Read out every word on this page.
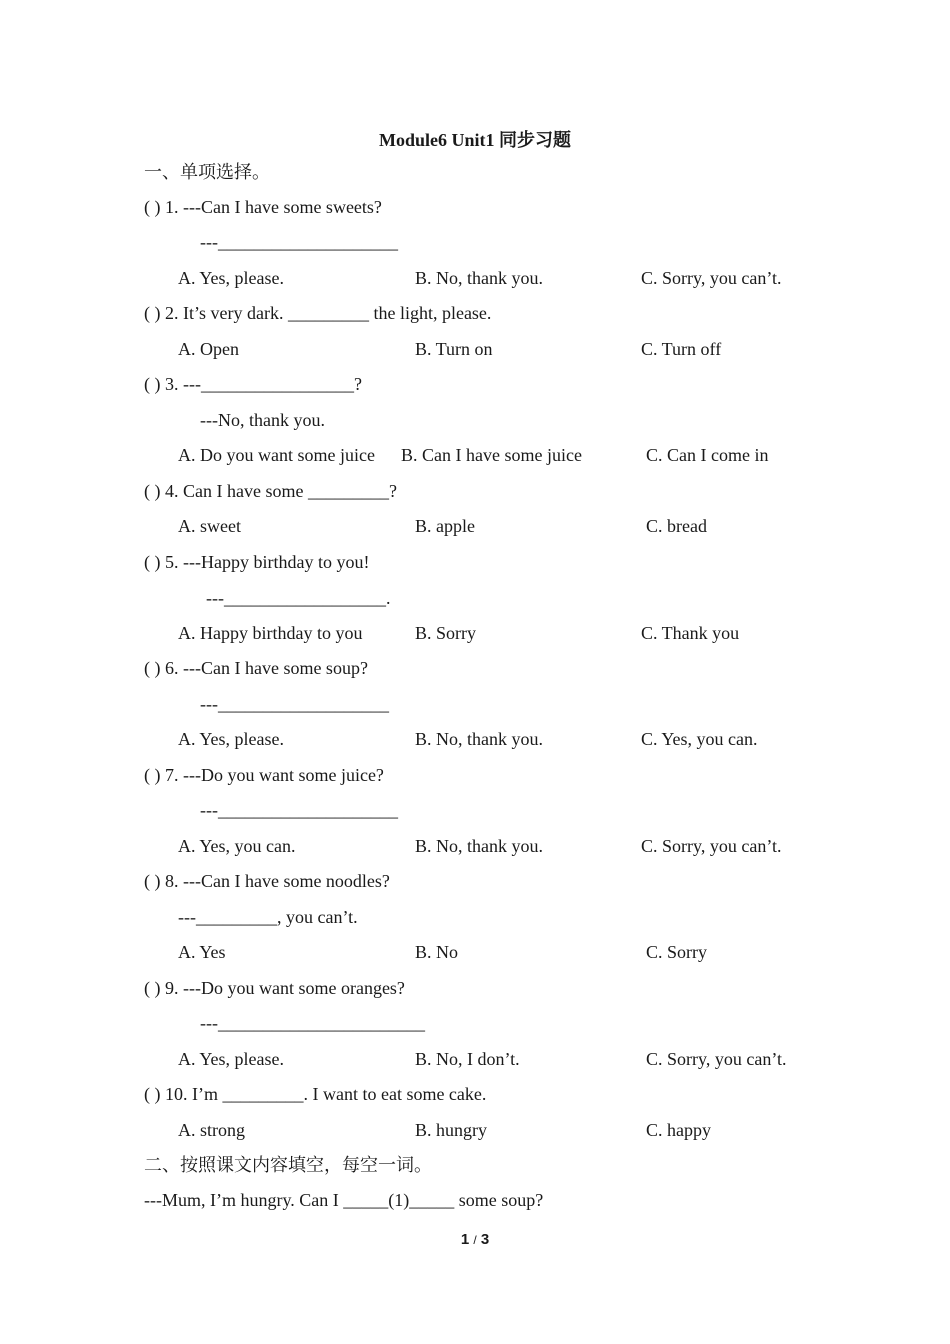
Module6 Unit1 同步习题
一、单项选择。
( ) 1. ---Can I have some sweets?
---____________________
A. Yes, please.	B. No, thank you.	C. Sorry, you can’t.
( ) 2. It’s very dark. _________ the light, please.
A. Open	B. Turn on	C. Turn off
( ) 3. ---_________________?
---No, thank you.
A. Do you want some juice B. Can I have some juice	C. Can I come in
( ) 4. Can I have some _________?
A. sweet	B. apple	C. bread
( ) 5. ---Happy birthday to you!
---__________________.
A. Happy birthday to you	B. Sorry	C. Thank you
( ) 6. ---Can I have some soup?
---___________________
A. Yes, please.	B. No, thank you.	C. Yes, you can.
( ) 7. ---Do you want some juice?
---____________________
A. Yes, you can.	B. No, thank you.	C. Sorry, you can’t.
( ) 8. ---Can I have some noodles?
---_________, you can’t.
A. Yes	B. No	C. Sorry
( ) 9. ---Do you want some oranges?
---_______________________
A. Yes, please.	B. No, I don’t.	C. Sorry, you can’t.
( ) 10. I’m _________. I want to eat some cake.
A. strong	B. hungry	C. happy
二、按照课文内容填空，每空一词。
---Mum, I’m hungry. Can I _____(1)_____ some soup?
1 / 3
